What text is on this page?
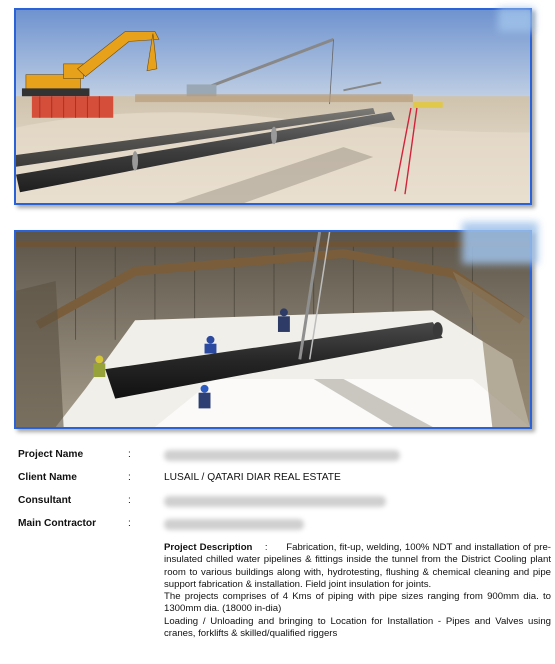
Project Name	:
Client Name	:	LUSAIL / QATARI DIAR REAL ESTATE
Consultant	:
Main Contractor	:

Project Description : Fabrication, fit-up, welding, 100% NDT and installation of pre-insulated chilled water pipelines & fittings inside the tunnel from the District Cooling plant room to various buildings along with, hydrotesting, flushing & chemical cleaning and pipe support fabrication & installation. Field joint insulation for joints.

The projects comprises of 4 Kms of piping with pipe sizes ranging from 900mm dia. to 1300mm dia. (18000 in-dia)

Loading / Unloading and bringing to Location for Installation - Pipes and Valves using cranes, forklifts & skilled/qualified riggers
